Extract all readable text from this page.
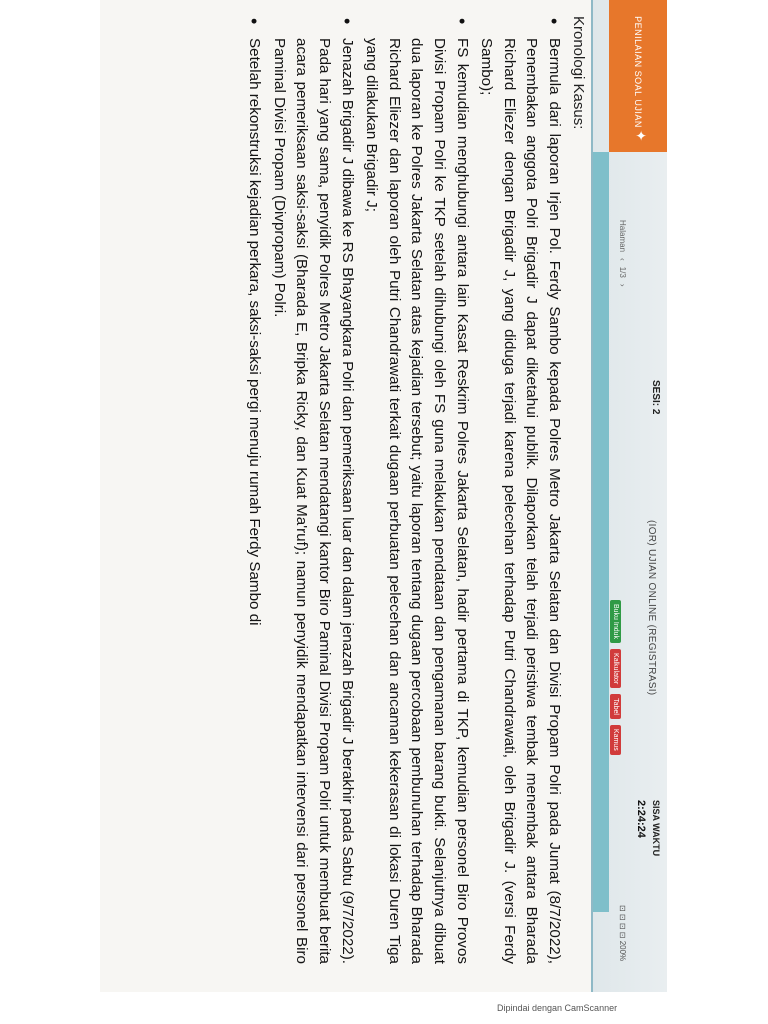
PENILAIAN SOAL UJIAN
✦
SESI: 2
(IOR) UJIAN ONLINE (REGISTRASI)
Halaman
‹
1/3
›
Buku Induk
Kalkulator
Tabel
Kamus
SISA WAKTU
2:24:24
⊡ ⊡ ⊡ ⊡ 200%
Kronologi Kasus:
• Bermula dari laporan Irjen Pol. Ferdy Sambo kepada Polres Metro Jakarta Selatan dan Divisi Propam Polri pada Jumat (8/7/2022), Penembakan anggota Polri Brigadir J dapat diketahui publik. Dilaporkan telah terjadi peristiwa tembak menembak antara Bharada Richard Eliezer dengan Brigadir J, yang diduga terjadi karena pelecehan terhadap Putri Chandrawati, oleh Brigadir J. (versi Ferdy Sambo);
• FS kemudian menghubungi antara lain Kasat Reskrim Polres Jakarta Selatan, hadir pertama di TKP, kemudian personel Biro Provos Divisi Propam Polri ke TKP setelah dihubungi oleh FS guna melakukan pendataan dan pengamanan barang bukti. Selanjutnya dibuat dua laporan ke Polres Jakarta Selatan atas kejadian tersebut; yaitu laporan tentang dugaan percobaan pembunuhan terhadap Bharada Richard Eliezer dan laporan oleh Putri Chandrawati terkait dugaan perbuatan pelecehan dan ancaman kekerasan di lokasi Duren Tiga yang dilakukan Brigadir J;
• Jenazah Brigadir J dibawa ke RS Bhayangkara Polri dan pemeriksaan luar dan dalam jenazah Brigadir J berakhir pada Sabtu (9/7/2022). Pada hari yang sama, penyidik Polres Metro Jakarta Selatan mendatangi kantor Biro Paminal Divisi Propam Polri untuk membuat berita acara pemeriksaan saksi-saksi (Bharada E, Bripka Ricky, dan Kuat Ma'ruf); namun penyidik mendapatkan intervensi dari personel Biro Paminal Divisi Propam (Divpropam) Polri.
• Setelah rekonstruksi kejadian perkara, saksi-saksi pergi menuju rumah Ferdy Sambo di
Dipindai dengan CamScanner
